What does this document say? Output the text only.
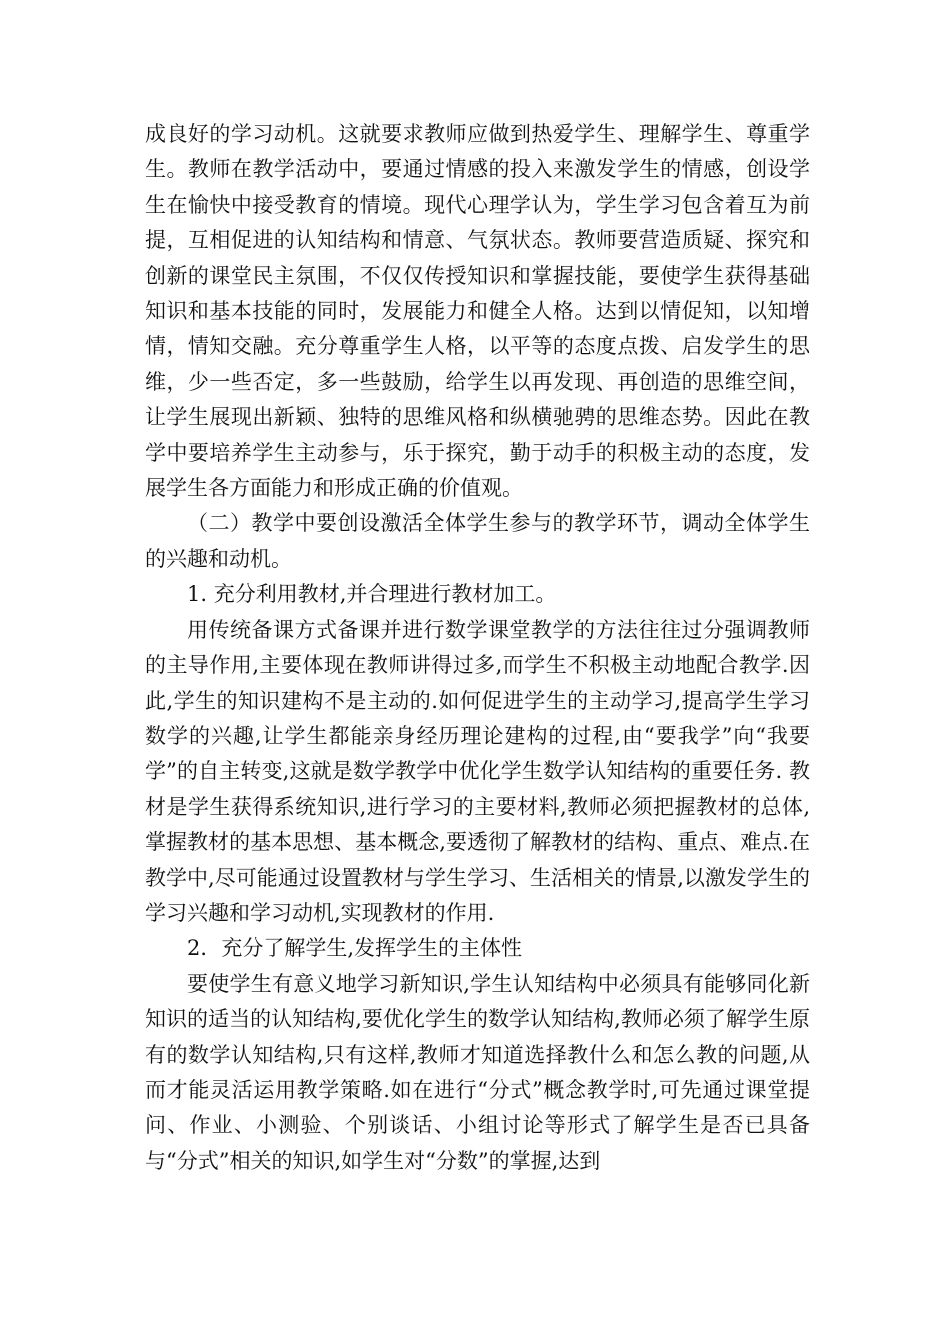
成良好的学习动机。这就要求教师应做到热爱学生、理解学生、尊重学生。教师在教学活动中，要通过情感的投入来激发学生的情感，创设学生在愉快中接受教育的情境。现代心理学认为，学生学习包含着互为前提，互相促进的认知结构和情意、气氛状态。教师要营造质疑、探究和创新的课堂民主氛围，不仅仅传授知识和掌握技能，要使学生获得基础知识和基本技能的同时，发展能力和健全人格。达到以情促知，以知增情，情知交融。充分尊重学生人格，以平等的态度点拨、启发学生的思维，少一些否定，多一些鼓励，给学生以再发现、再创造的思维空间，让学生展现出新颖、独特的思维风格和纵横驰骋的思维态势。因此在教学中要培养学生主动参与，乐于探究，勤于动手的积极主动的态度，发展学生各方面能力和形成正确的价值观。

（二）教学中要创设激活全体学生参与的教学环节，调动全体学生的兴趣和动机。

1. 充分利用教材,并合理进行教材加工。

用传统备课方式备课并进行数学课堂教学的方法往往过分强调教师的主导作用,主要体现在教师讲得过多,而学生不积极主动地配合教学.因此,学生的知识建构不是主动的.如何促进学生的主动学习,提高学生学习数学的兴趣,让学生都能亲身经历理论建构的过程,由“要我学”向“我要学”的自主转变,这就是数学教学中优化学生数学认知结构的重要任务. 教材是学生获得系统知识,进行学习的主要材料,教师必须把握教材的总体,掌握教材的基本思想、基本概念,要透彻了解教材的结构、重点、难点.在教学中,尽可能通过设置教材与学生学习、生活相关的情景,以激发学生的学习兴趣和学习动机,实现教材的作用.

2．充分了解学生,发挥学生的主体性

要使学生有意义地学习新知识,学生认知结构中必须具有能够同化新知识的适当的认知结构,要优化学生的数学认知结构,教师必须了解学生原有的数学认知结构,只有这样,教师才知道选择教什么和怎么教的问题,从而才能灵活运用教学策略.如在进行“分式”概念教学时,可先通过课堂提问、作业、小测验、个别谈话、小组讨论等形式了解学生是否已具备与“分式”相关的知识,如学生对“分数”的掌握,达到
